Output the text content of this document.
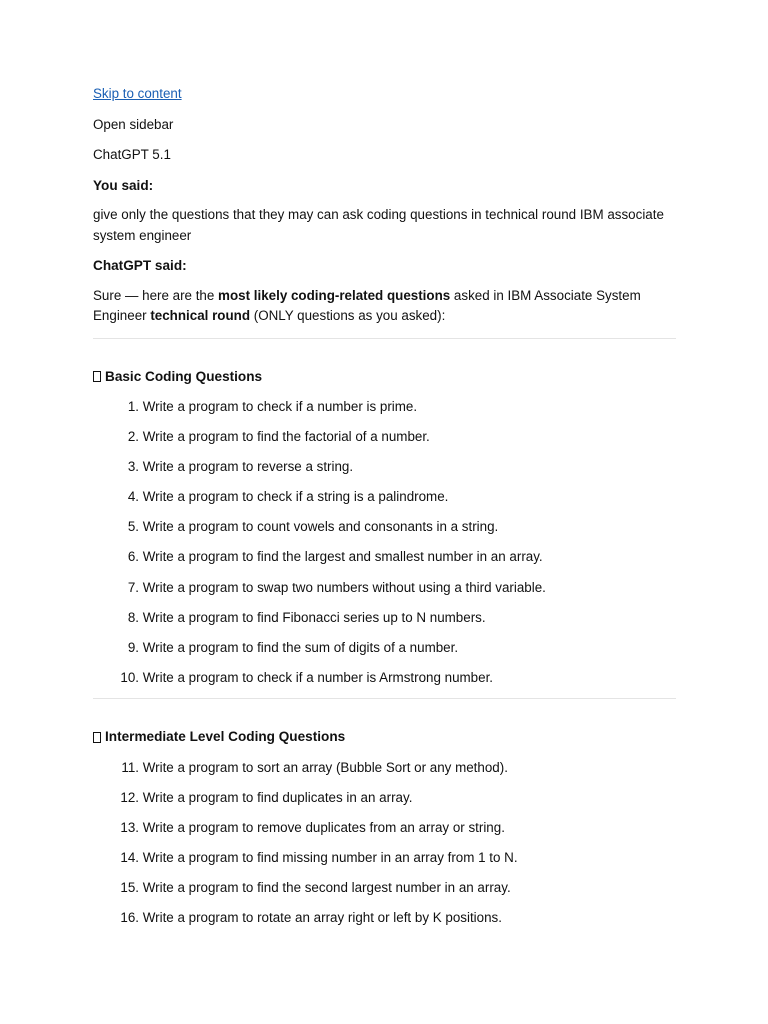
Skip to content

Open sidebar

ChatGPT 5.1

You said:

give only the questions that they may can ask coding questions in technical round IBM associate system engineer

ChatGPT said:

Sure — here are the most likely coding-related questions asked in IBM Associate System Engineer technical round (ONLY questions as you asked):

Basic Coding Questions
1.
Write a program to check if a number is prime.
2.
Write a program to find the factorial of a number.
3.
Write a program to reverse a string.
4.
Write a program to check if a string is a palindrome.
5.
Write a program to count vowels and consonants in a string.
6.
Write a program to find the largest and smallest number in an array.
7.
Write a program to swap two numbers without using a third variable.
8.
Write a program to find Fibonacci series up to N numbers.
9.
Write a program to find the sum of digits of a number.
10.
Write a program to check if a number is Armstrong number.
Intermediate Level Coding Questions
11.
Write a program to sort an array (Bubble Sort or any method).
12.
Write a program to find duplicates in an array.
13.
Write a program to remove duplicates from an array or string.
14.
Write a program to find missing number in an array from 1 to N.
15.
Write a program to find the second largest number in an array.
16.
Write a program to rotate an array right or left by K positions.
